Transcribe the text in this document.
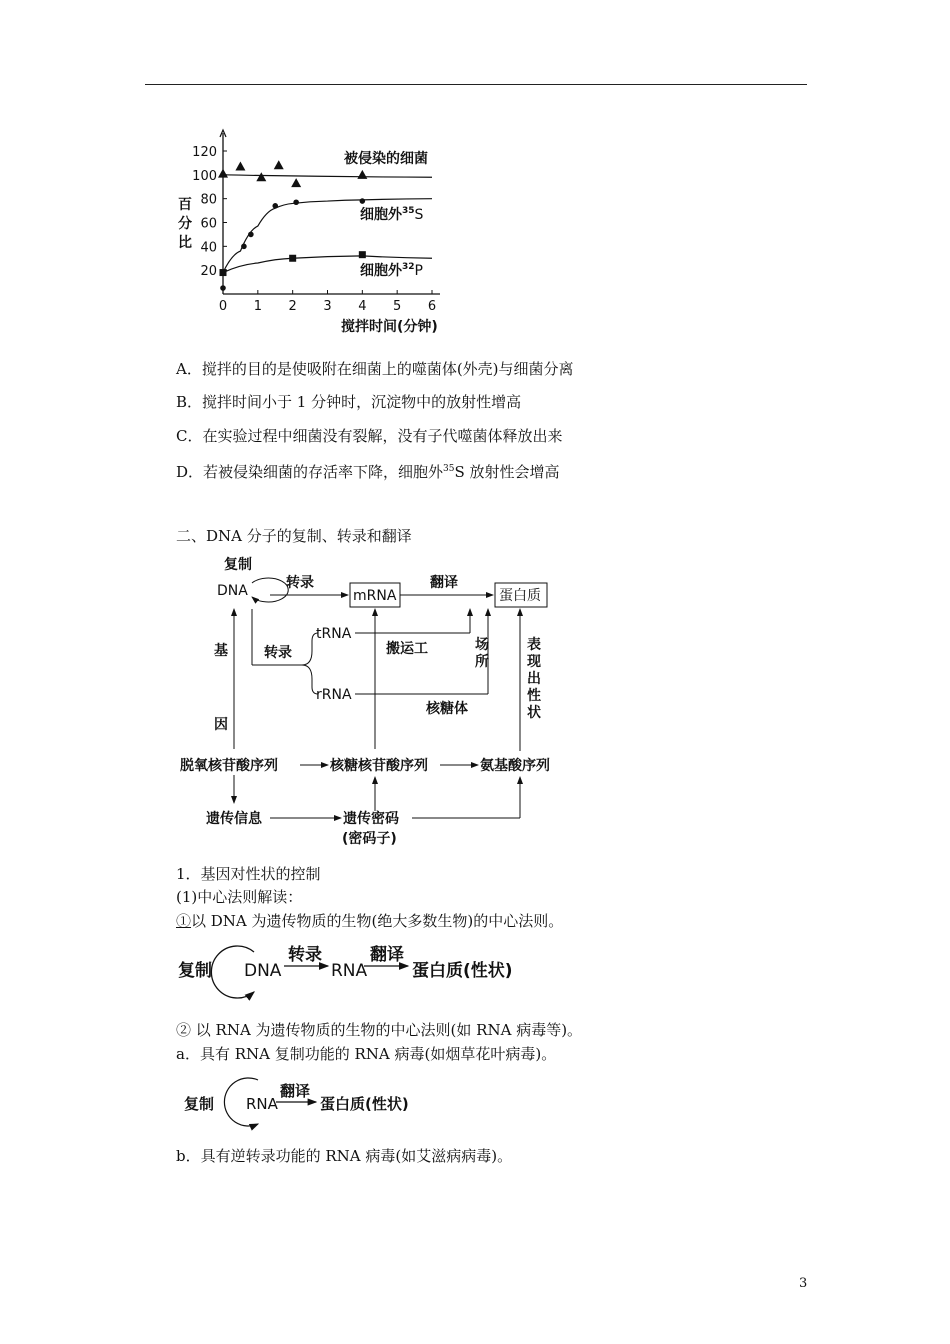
0 1 2 3 4 5 6
20
40
60
80
100
120
百分比
搅拌时间(分钟)
被侵染的细菌
细胞外$^{35}$S
细胞外$^{32}$P
A．搅拌的目的是使吸附在细菌上的噬菌体(外壳)与细菌分离
B．搅拌时间小于 1 分钟时，沉淀物中的放射性增高
C．在实验过程中细菌没有裂解，没有子代噬菌体释放出来
D．若被侵染细菌的存活率下降，细胞外$^{35}$S 放射性会增高
二、DNA 分子的复制、转录和翻译
复制
DNA	转录
mRNA
翻译
蛋白质
基
因
转录
tRNA
rRNA
搬运工
核糖体
场所
表现出性状
脱氧核苷酸序列	核糖核苷酸序列	氨基酸序列
遗传信息	遗传密码
(密码子)
1．基因对性状的控制
(1)中心法则解读：
①以 DNA 为遗传物质的生物(绝大多数生物)的中心法则。
复制 DNA
转录
RNA
翻译
蛋白质(性状)
② 以 RNA 为遗传物质的生物的中心法则(如 RNA 病毒等)。
a．具有 RNA 复制功能的 RNA 病毒(如烟草花叶病毒)。
复制 RNA
翻译
蛋白质(性状)
b．具有逆转录功能的 RNA 病毒(如艾滋病病毒)。
3
